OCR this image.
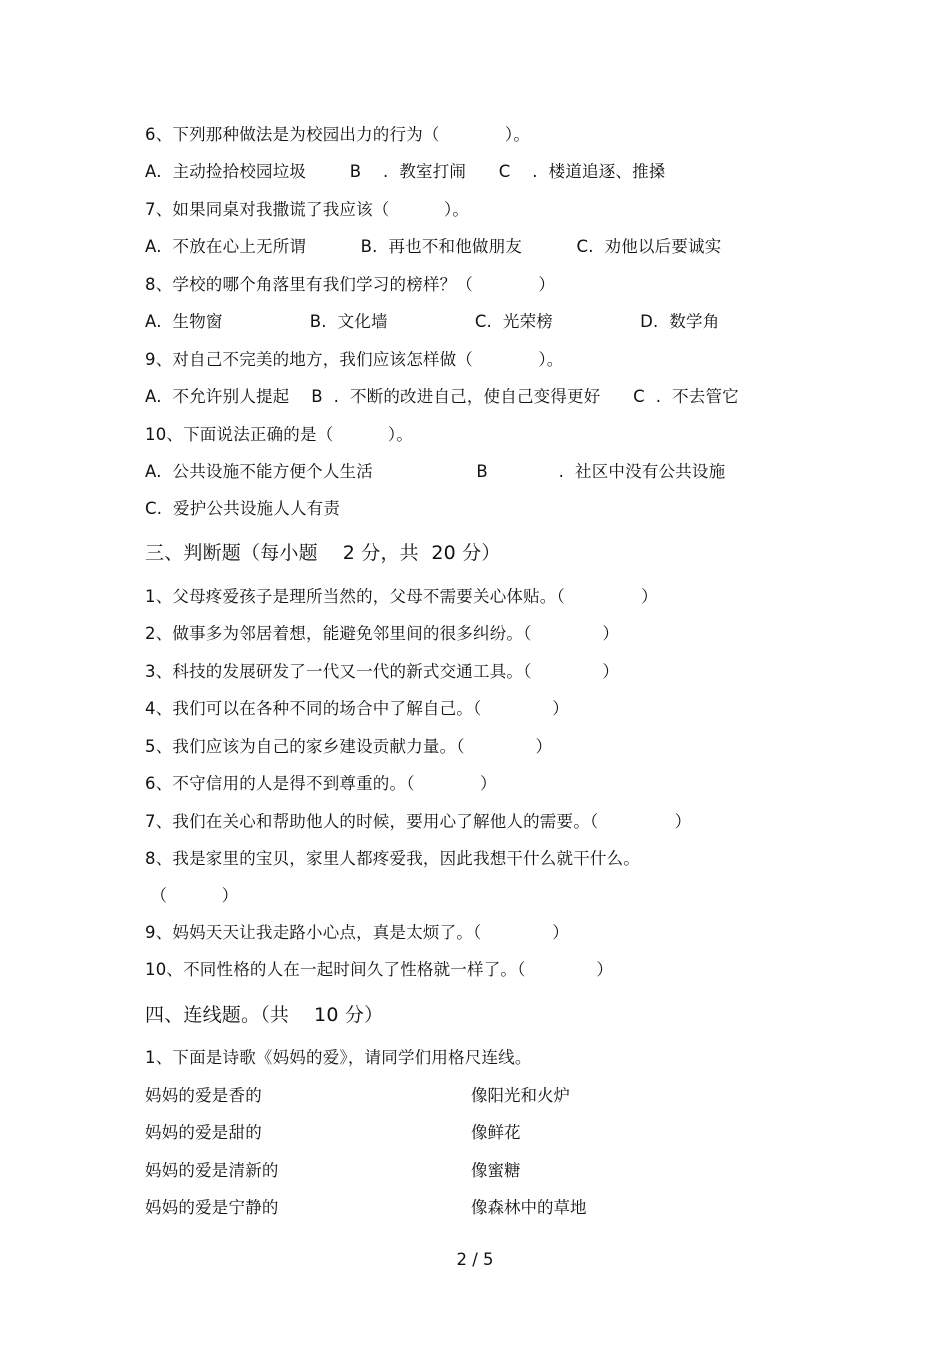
6、下列那种做法是为校园出力的行为（            ）。
A.  主动捡拾校园垃圾        B    .  教室打闹      C    .  楼道追逐、推搡
7、如果同桌对我撒谎了我应该（          ）。
A.  不放在心上无所谓          B.  再也不和他做朋友          C.  劝他以后要诚实
8、学校的哪个角落里有我们学习的榜样？（            ）
A.  生物窗                B.  文化墙                C.  光荣榜                D.  数学角
9、对自己不完美的地方，我们应该怎样做（            ）。
A.  不允许别人提起    B  .  不断的改进自己，使自己变得更好      C  .  不去管它
10、下面说法正确的是（          ）。
A.  公共设施不能方便个人生活                   B             .  社区中没有公共设施
C.  爱护公共设施人人有责
三、判断题（每小题    2 分，共  20 分）
1、父母疼爱孩子是理所当然的，父母不需要关心体贴。（              ）
2、做事多为邻居着想，能避免邻里间的很多纠纷。（             ）
3、科技的发展研发了一代又一代的新式交通工具。（             ）
4、我们可以在各种不同的场合中了解自己。（             ）
5、我们应该为自己的家乡建设贡献力量。（             ）
6、不守信用的人是得不到尊重的。（            ）
7、我们在关心和帮助他人的时候，要用心了解他人的需要。（              ）
8、我是家里的宝贝，家里人都疼爱我，因此我想干什么就干什么。
（          ）
9、妈妈天天让我走路小心点，真是太烦了。（             ）
10、不同性格的人在一起时间久了性格就一样了。（             ）
四、连线题。（共    10 分）
1、下面是诗歌《妈妈的爱》，请同学们用格尺连线。
妈妈的爱是香的	像阳光和火炉
妈妈的爱是甜的	像鲜花
妈妈的爱是清新的	像蜜糖
妈妈的爱是宁静的	像森林中的草地
2 / 5
